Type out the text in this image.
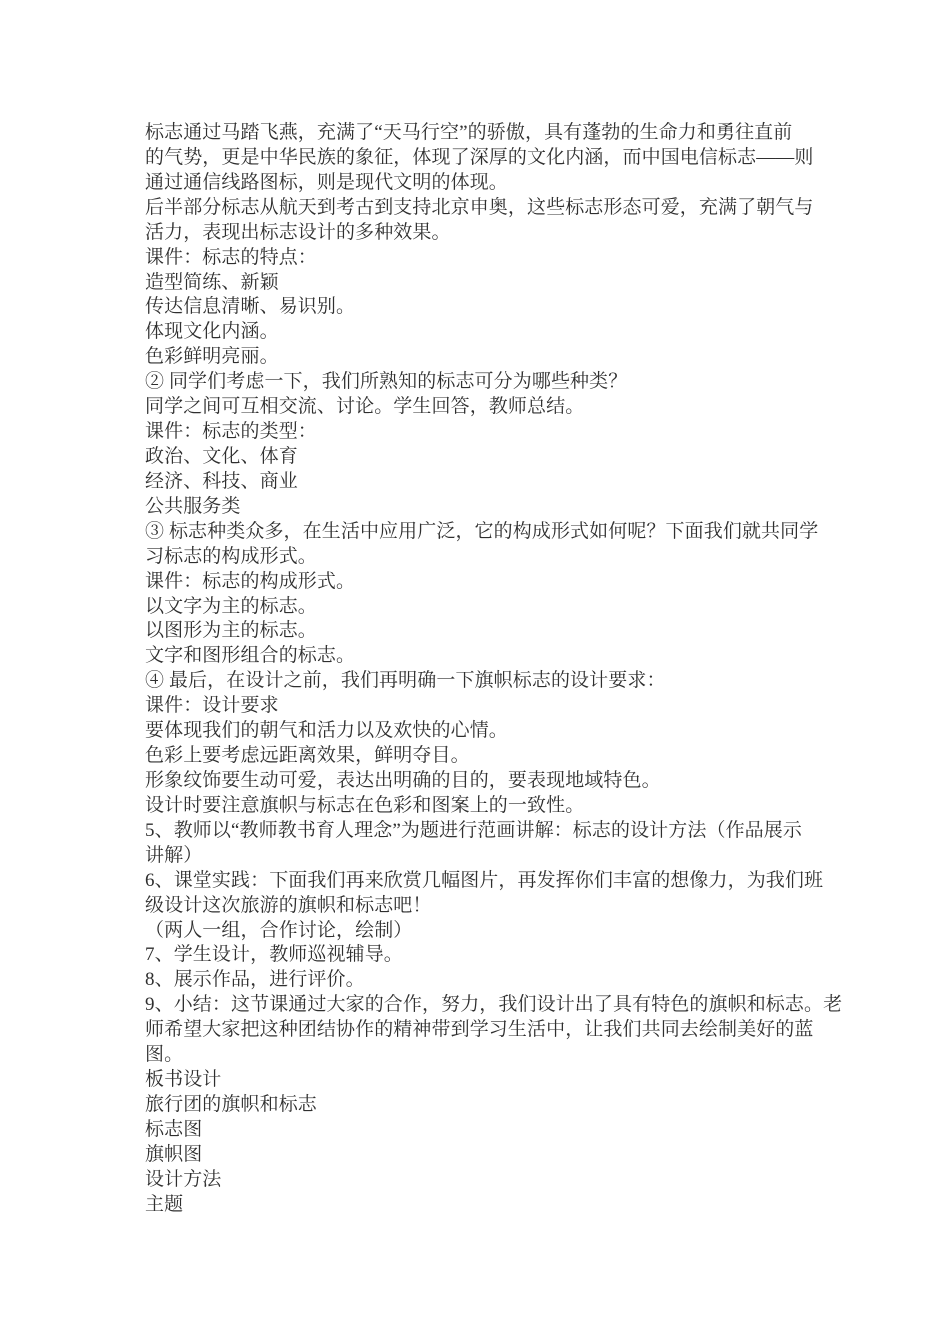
标志通过马踏飞燕，充满了“天马行空”的骄傲，具有蓬勃的生命力和勇往直前
的气势，更是中华民族的象征，体现了深厚的文化内涵，而中国电信标志——则
通过通信线路图标，则是现代文明的体现。
后半部分标志从航天到考古到支持北京申奥，这些标志形态可爱，充满了朝气与
活力，表现出标志设计的多种效果。
课件：标志的特点：
造型简练、新颖
传达信息清晰、易识别。
体现文化内涵。
色彩鲜明亮丽。
② 同学们考虑一下，我们所熟知的标志可分为哪些种类？
同学之间可互相交流、讨论。学生回答，教师总结。
课件：标志的类型：
政治、文化、体育
经济、科技、商业
公共服务类
③ 标志种类众多，在生活中应用广泛，它的构成形式如何呢？下面我们就共同学
习标志的构成形式。
课件：标志的构成形式。
以文字为主的标志。
以图形为主的标志。
文字和图形组合的标志。
④ 最后，在设计之前，我们再明确一下旗帜标志的设计要求：
课件：设计要求
要体现我们的朝气和活力以及欢快的心情。
色彩上要考虑远距离效果，鲜明夺目。
形象纹饰要生动可爱，表达出明确的目的，要表现地域特色。
设计时要注意旗帜与标志在色彩和图案上的一致性。
5、教师以“教师教书育人理念”为题进行范画讲解：标志的设计方法（作品展示
讲解）
6、课堂实践：下面我们再来欣赏几幅图片，再发挥你们丰富的想像力，为我们班
级设计这次旅游的旗帜和标志吧！
（两人一组，合作讨论，绘制）
7、学生设计，教师巡视辅导。
8、展示作品，进行评价。
9、小结：这节课通过大家的合作，努力，我们设计出了具有特色的旗帜和标志。老
师希望大家把这种团结协作的精神带到学习生活中，让我们共同去绘制美好的蓝
图。
板书设计
旅行团的旗帜和标志
标志图
旗帜图
设计方法
主题
